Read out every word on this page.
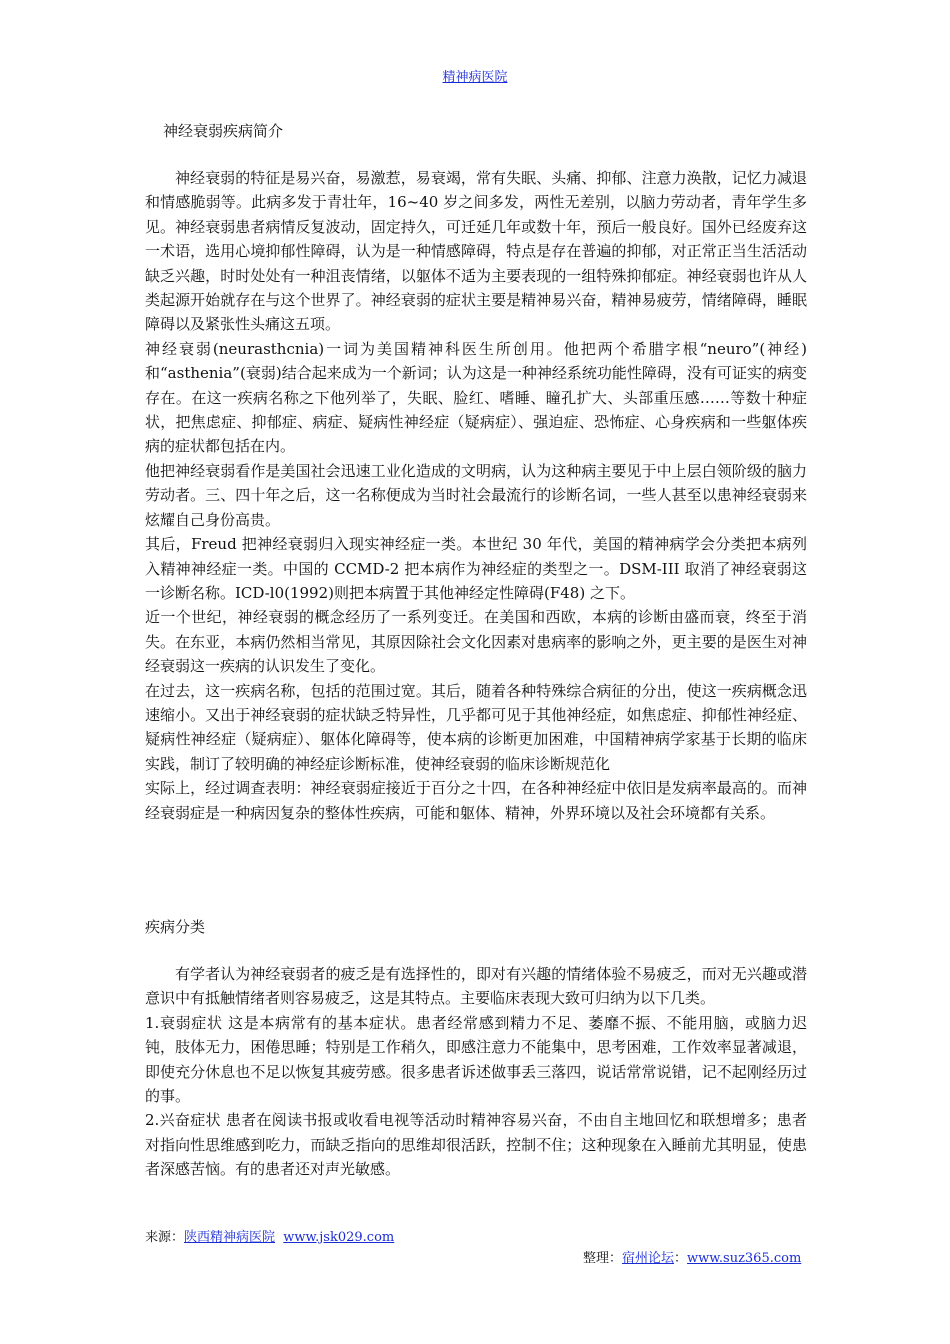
精神病医院
神经衰弱疾病简介

神经衰弱的特征是易兴奋，易激惹，易衰竭，常有失眠、头痛、抑郁、注意力涣散，记忆力减退和情感脆弱等。此病多发于青壮年，16~40 岁之间多发，两性无差别，以脑力劳动者，青年学生多见。神经衰弱患者病情反复波动，固定持久，可迁延几年或数十年，预后一般良好。国外已经废弃这一术语，选用心境抑郁性障碍，认为是一种情感障碍，特点是存在普遍的抑郁，对正常正当生活活动缺乏兴趣，时时处处有一种沮丧情绪，以躯体不适为主要表现的一组特殊抑郁症。神经衰弱也许从人类起源开始就存在与这个世界了。神经衰弱的症状主要是精神易兴奋，精神易疲劳，情绪障碍，睡眠障碍以及紧张性头痛这五项。

神经衰弱(neurasthcnia)一词为美国精神科医生所创用。他把两个希腊字根“neuro”(神经)和“asthenia”(衰弱)结合起来成为一个新词；认为这是一种神经系统功能性障碍，没有可证实的病变存在。在这一疾病名称之下他列举了，失眠、脸红、嗜睡、瞳孔扩大、头部重压感……等数十种症状，把焦虑症、抑郁症、病症、疑病性神经症（疑病症）、强迫症、恐怖症、心身疾病和一些躯体疾病的症状都包括在内。

他把神经衰弱看作是美国社会迅速工业化造成的文明病，认为这种病主要见于中上层白领阶级的脑力劳动者。三、四十年之后，这一名称便成为当时社会最流行的诊断名词，一些人甚至以患神经衰弱来炫耀自己身份高贵。

其后，Freud 把神经衰弱归入现实神经症一类。本世纪 30 年代，美国的精神病学会分类把本病列入精神神经症一类。中国的 CCMD-2 把本病作为神经症的类型之一。DSM-III 取消了神经衰弱这一诊断名称。ICD-l0(1992)则把本病置于其他神经定性障碍(F48) 之下。

近一个世纪，神经衰弱的概念经历了一系列变迁。在美国和西欧，本病的诊断由盛而衰，终至于消失。在东亚，本病仍然相当常见，其原因除社会文化因素对患病率的影响之外，更主要的是医生对神经衰弱这一疾病的认识发生了变化。

在过去，这一疾病名称，包括的范围过宽。其后，随着各种特殊综合病征的分出，使这一疾病概念迅速缩小。又出于神经衰弱的症状缺乏特异性，几乎都可见于其他神经症，如焦虑症、抑郁性神经症、疑病性神经症（疑病症）、躯体化障碍等，使本病的诊断更加困难，中国精神病学家基于长期的临床实践，制订了较明确的神经症诊断标准，使神经衰弱的临床诊断规范化

实际上，经过调查表明：神经衰弱症接近于百分之十四，在各种神经症中依旧是发病率最高的。而神经衰弱症是一种病因复杂的整体性疾病，可能和躯体、精神，外界环境以及社会环境都有关系。

疾病分类

有学者认为神经衰弱者的疲乏是有选择性的，即对有兴趣的情绪体验不易疲乏，而对无兴趣或潜意识中有抵触情绪者则容易疲乏，这是其特点。主要临床表现大致可归纳为以下几类。

1.衰弱症状 这是本病常有的基本症状。患者经常感到精力不足、萎靡不振、不能用脑，或脑力迟钝，肢体无力，困倦思睡；特别是工作稍久，即感注意力不能集中，思考困难，工作效率显著减退，即使充分休息也不足以恢复其疲劳感。很多患者诉述做事丢三落四，说话常常说错，记不起刚经历过的事。

2.兴奋症状 患者在阅读书报或收看电视等活动时精神容易兴奋，不由自主地回忆和联想增多；患者对指向性思维感到吃力，而缺乏指向的思维却很活跃，控制不住；这种现象在入睡前尤其明显，使患者深感苦恼。有的患者还对声光敏感。

来源：陕西精神病医院 www.jsk029.com
整理：宿州论坛：www.suz365.com
